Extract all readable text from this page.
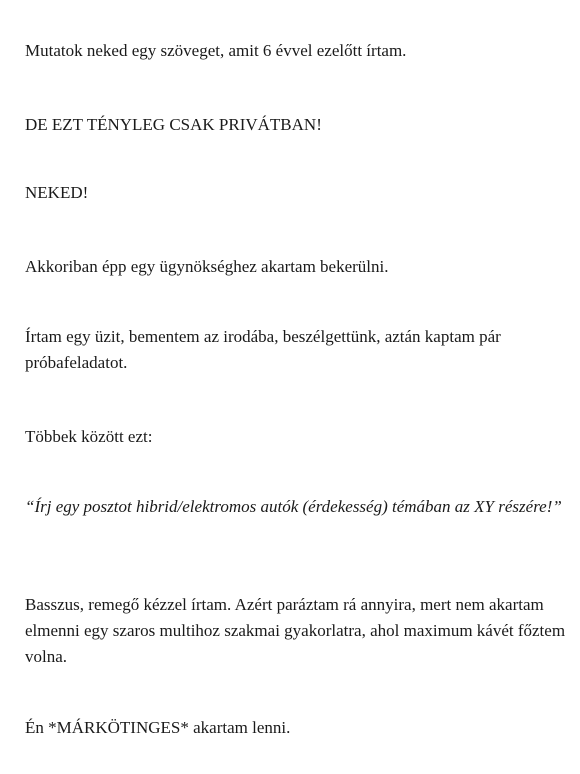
Mutatok neked egy szöveget, amit 6 évvel ezelőtt írtam.

DE EZT TÉNYLEG CSAK PRIVÁTBAN!

NEKED!

Akkoriban épp egy ügynökséghez akartam bekerülni.

Írtam egy üzit, bementem az irodába, beszélgettünk, aztán kaptam pár próbafeladatot.

Többek között ezt:

“Írj egy posztot hibrid/elektromos autók (érdekesség) témában az XY részére!”

Basszus, remegő kézzel írtam. Azért paráztam rá annyira, mert nem akartam elmenni egy szaros multihoz szakmai gyakorlatra, ahol maximum kávét főztem volna.

Én *MÁRKÖTINGES* akartam lenni.
